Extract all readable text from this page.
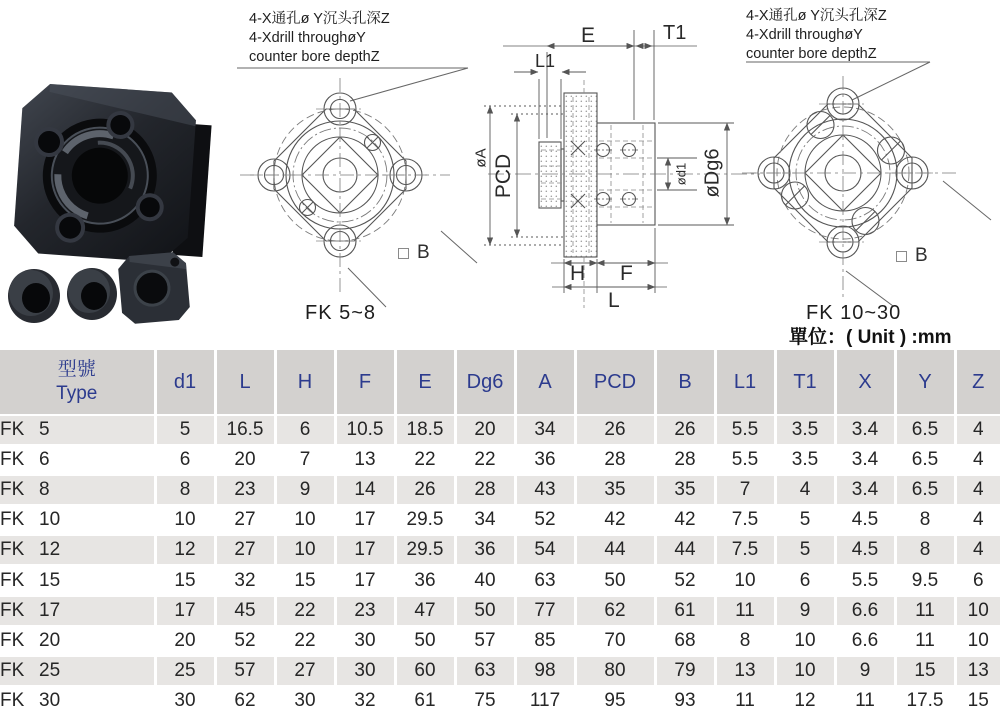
4-X通孔ø Y沉头孔深Z
4-Xdrill throughøY
counter bore depthZ
4-X通孔ø Y沉头孔深Z
4-Xdrill throughøY
counter bore depthZ
E	T1
L1
øA PCD	ød1 øDg6
H F
L
B	B
FK 5~8	FK 10~30
單位：( Unit ) :mm
型號
Type	d1	L	H	F	E	Dg6	A	PCD	B	L1	T1	X	Y	Z
FK 5	5	16.5	6	10.5	18.5	20	34	26	26	5.5	3.5	3.4	6.5	4
FK 6	6	20	7	13	22	22	36	28	28	5.5	3.5	3.4	6.5	4
FK 8	8	23	9	14	26	28	43	35	35	7	4	3.4	6.5	4
FK 10	10	27	10	17	29.5	34	52	42	42	7.5	5	4.5	8	4
FK 12	12	27	10	17	29.5	36	54	44	44	7.5	5	4.5	8	4
FK 15	15	32	15	17	36	40	63	50	52	10	6	5.5	9.5	6
FK 17	17	45	22	23	47	50	77	62	61	11	9	6.6	11	10
FK 20	20	52	22	30	50	57	85	70	68	8	10	6.6	11	10
FK 25	25	57	27	30	60	63	98	80	79	13	10	9	15	13
FK 30	30	62	30	32	61	75	117	95	93	11	12	11	17.5	15
